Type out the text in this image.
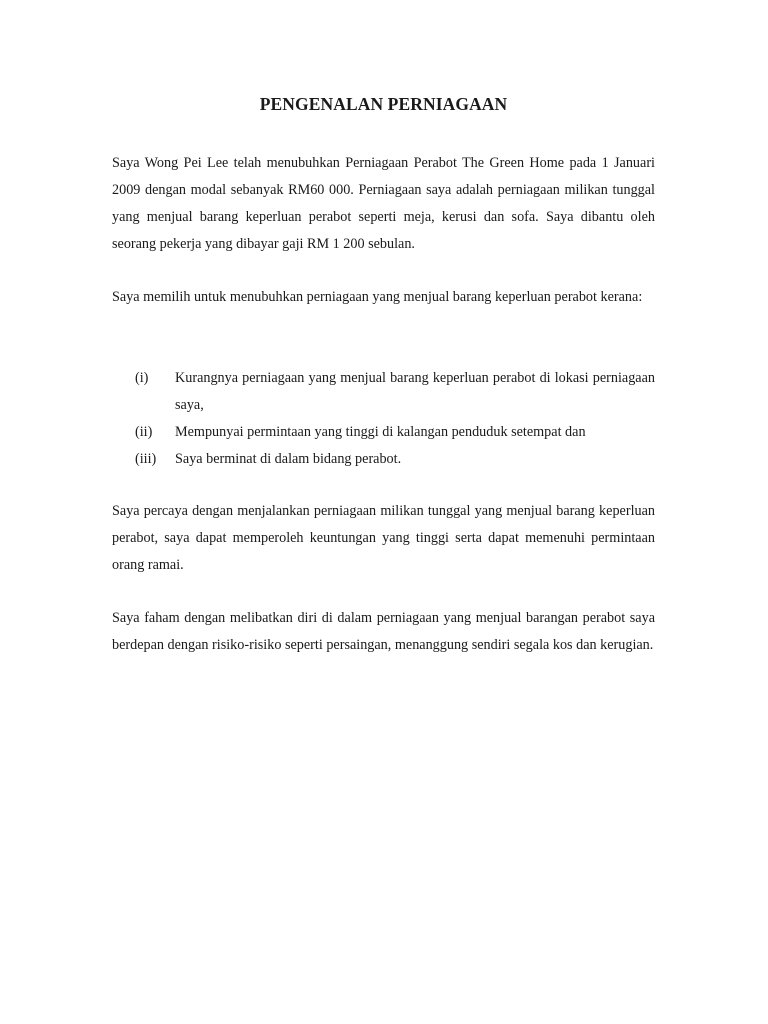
PENGENALAN PERNIAGAAN

Saya Wong Pei Lee telah menubuhkan Perniagaan Perabot The Green Home pada 1 Januari 2009 dengan modal sebanyak RM60 000. Perniagaan saya adalah perniagaan milikan tunggal yang menjual barang keperluan perabot seperti meja, kerusi dan sofa. Saya dibantu oleh seorang pekerja yang dibayar gaji RM 1 200 sebulan.

Saya memilih untuk menubuhkan perniagaan yang menjual barang keperluan perabot kerana:

(i) Kurangnya perniagaan yang menjual barang keperluan perabot di lokasi perniagaan saya,
(ii) Mempunyai permintaan yang tinggi di kalangan penduduk setempat dan
(iii) Saya berminat di dalam bidang perabot.

Saya percaya dengan menjalankan perniagaan milikan tunggal yang menjual barang keperluan perabot, saya dapat memperoleh keuntungan yang tinggi serta dapat memenuhi permintaan orang ramai.

Saya faham dengan melibatkan diri di dalam perniagaan yang menjual barangan perabot saya berdepan dengan risiko-risiko seperti persaingan, menanggung sendiri segala kos dan kerugian.
